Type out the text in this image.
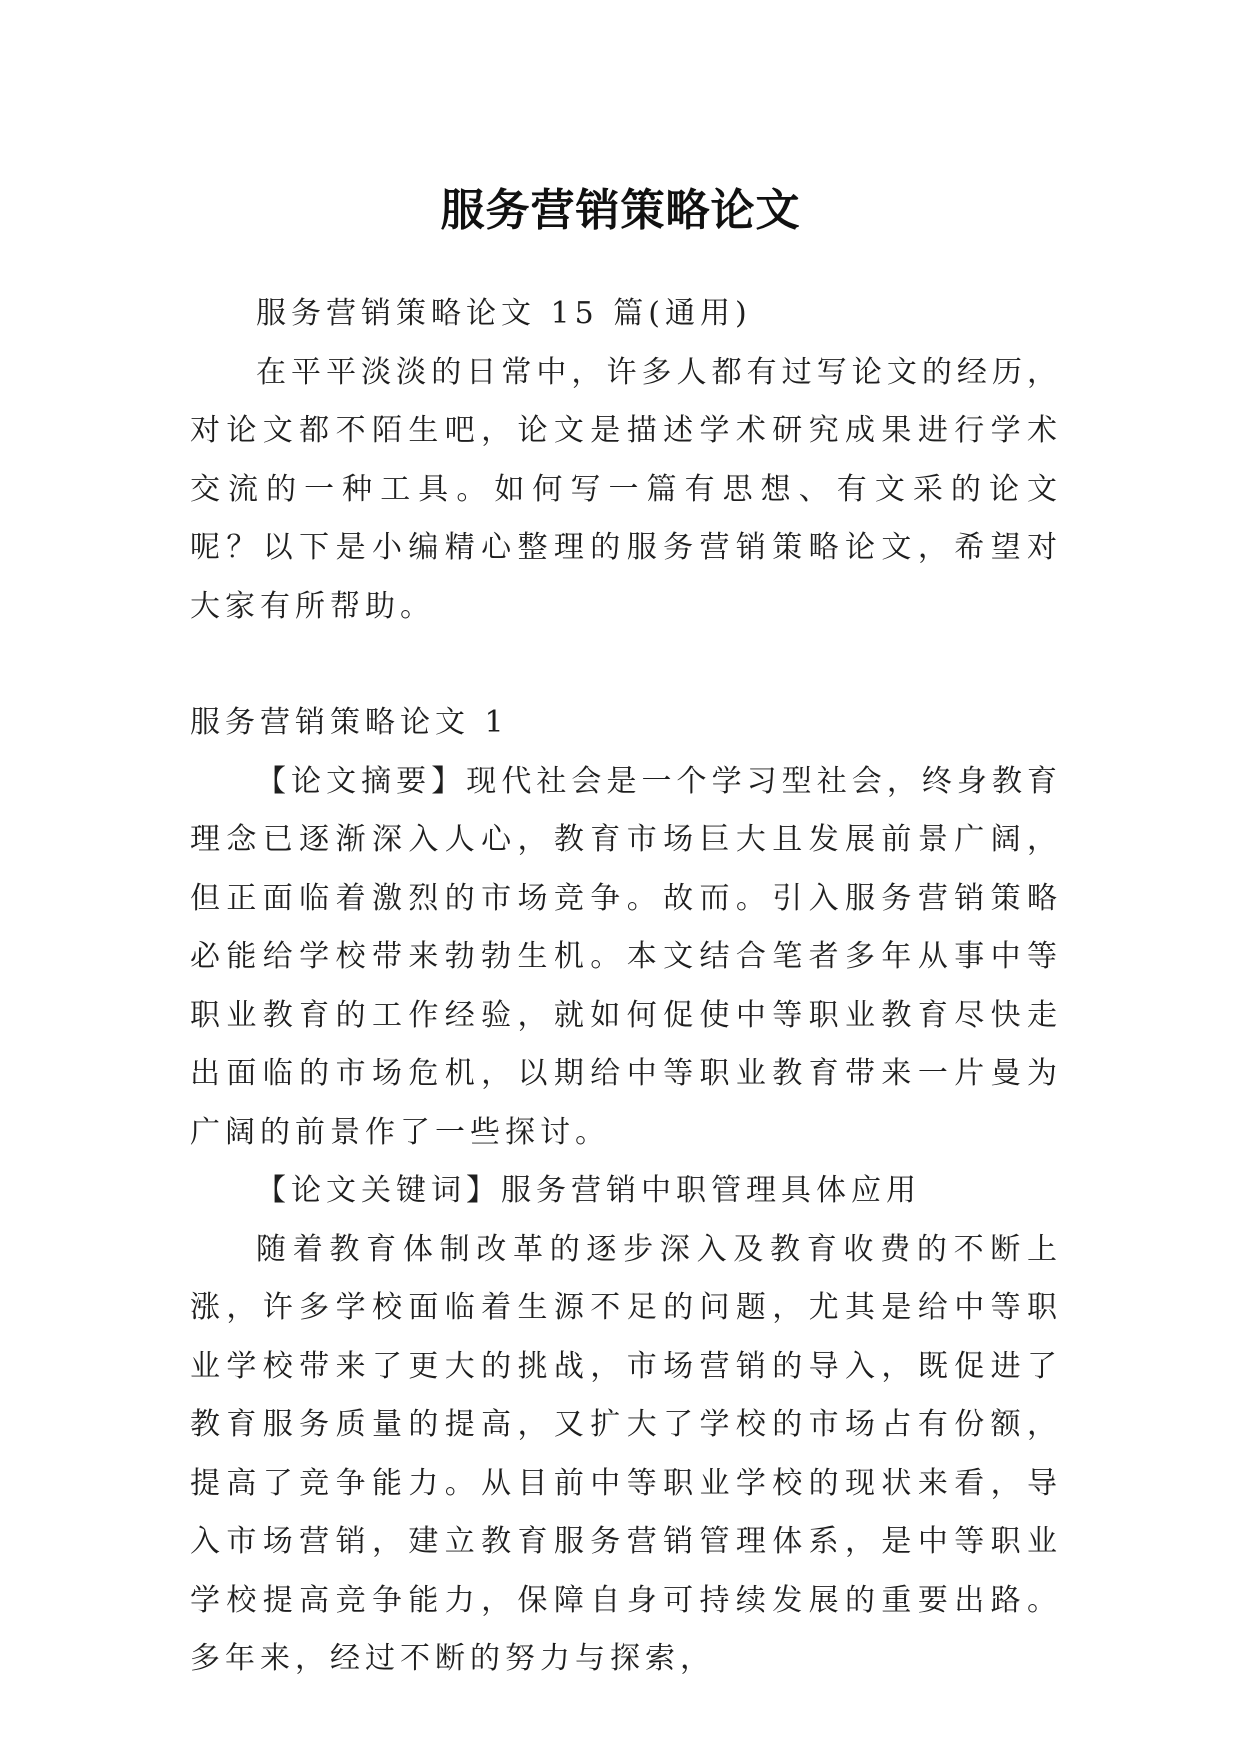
服务营销策略论文

服务营销策略论文 15 篇(通用)

在平平淡淡的日常中，许多人都有过写论文的经历，对论文都不陌生吧，论文是描述学术研究成果进行学术交流的一种工具。如何写一篇有思想、有文采的论文呢？以下是小编精心整理的服务营销策略论文，希望对大家有所帮助。

服务营销策略论文 1

【论文摘要】现代社会是一个学习型社会，终身教育理念已逐渐深入人心，教育市场巨大且发展前景广阔，但正面临着激烈的市场竞争。故而。引入服务营销策略必能给学校带来勃勃生机。本文结合笔者多年从事中等职业教育的工作经验，就如何促使中等职业教育尽快走出面临的市场危机，以期给中等职业教育带来一片曼为广阔的前景作了一些探讨。

【论文关键词】服务营销中职管理具体应用

随着教育体制改革的逐步深入及教育收费的不断上涨，许多学校面临着生源不足的问题，尤其是给中等职业学校带来了更大的挑战，市场营销的导入，既促进了教育服务质量的提高，又扩大了学校的市场占有份额，提高了竞争能力。从目前中等职业学校的现状来看，导入市场营销，建立教育服务营销管理体系，是中等职业学校提高竞争能力，保障自身可持续发展的重要出路。多年来，经过不断的努力与探索，
